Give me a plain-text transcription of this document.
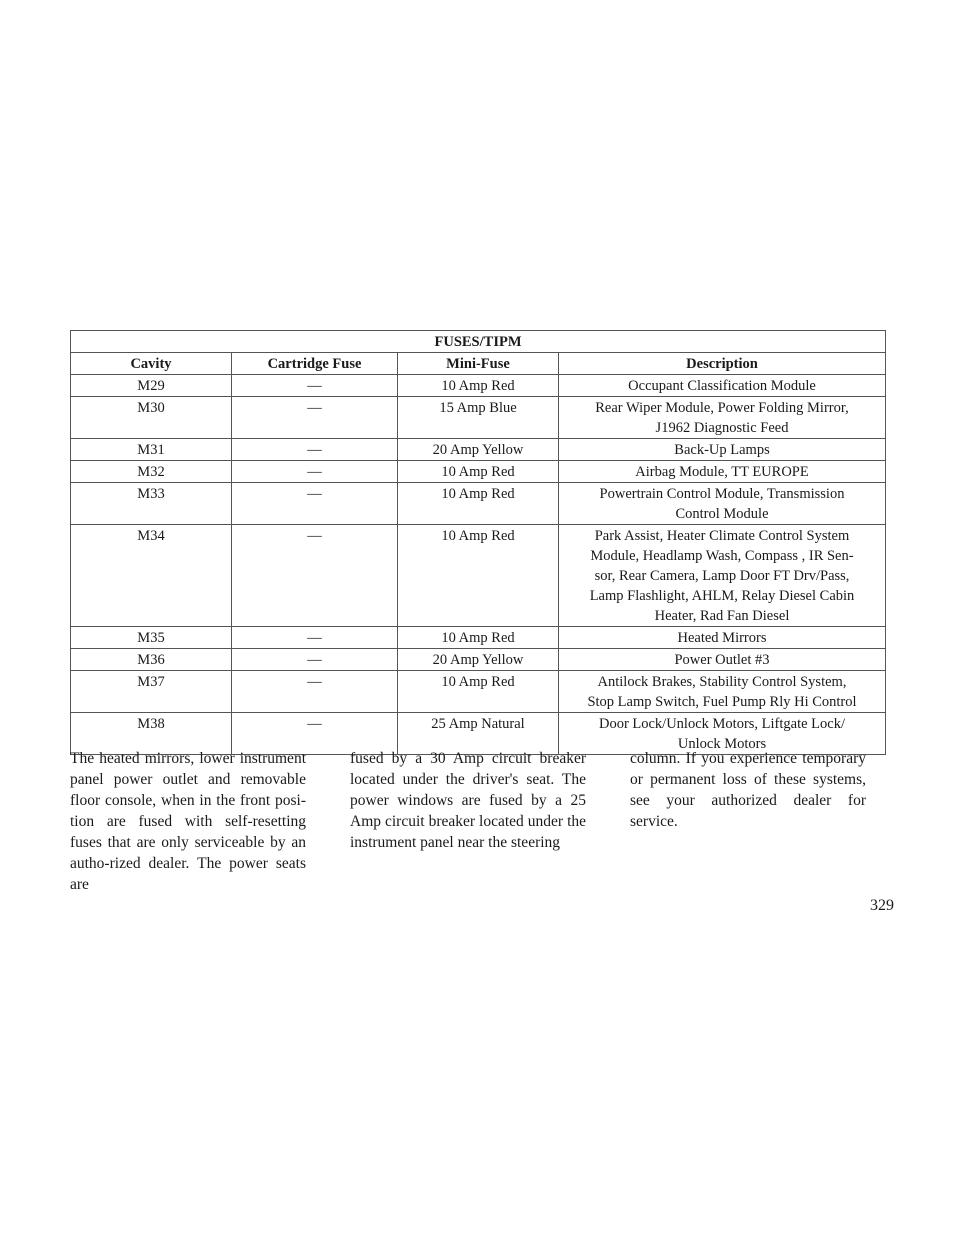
FUSES/TIPM			
Cavity	Cartridge Fuse	Mini-Fuse	Description
M29	—	10 Amp Red	Occupant Classification Module
M30	—	15 Amp Blue	Rear Wiper Module, Power Folding Mirror,
J1962 Diagnostic Feed
M31	—	20 Amp Yellow	Back-Up Lamps
M32	—	10 Amp Red	Airbag Module, TT EUROPE
M33	—	10 Amp Red	Powertrain Control Module, Transmission
Control Module
M34	—	10 Amp Red	Park Assist, Heater Climate Control System
Module, Headlamp Wash, Compass , IR Sen-
sor, Rear Camera, Lamp Door FT Drv/Pass,
Lamp Flashlight, AHLM, Relay Diesel Cabin
Heater, Rad Fan Diesel
M35	—	10 Amp Red	Heated Mirrors
M36	—	20 Amp Yellow	Power Outlet #3
M37	—	10 Amp Red	Antilock Brakes, Stability Control System,
Stop Lamp Switch, Fuel Pump Rly Hi Control
M38	—	25 Amp Natural	Door Lock/Unlock Motors, Liftgate Lock/
Unlock Motors
The heated mirrors, lower instrument panel power outlet and removable floor console, when in the front posi-tion are fused with self-resetting fuses that are only serviceable by an autho-rized dealer. The power seats are
fused by a 30 Amp circuit breaker located under the driver's seat. The power windows are fused by a 25 Amp circuit breaker located under the instrument panel near the steering
column. If you experience temporary or permanent loss of these systems, see your authorized dealer for service.
329
